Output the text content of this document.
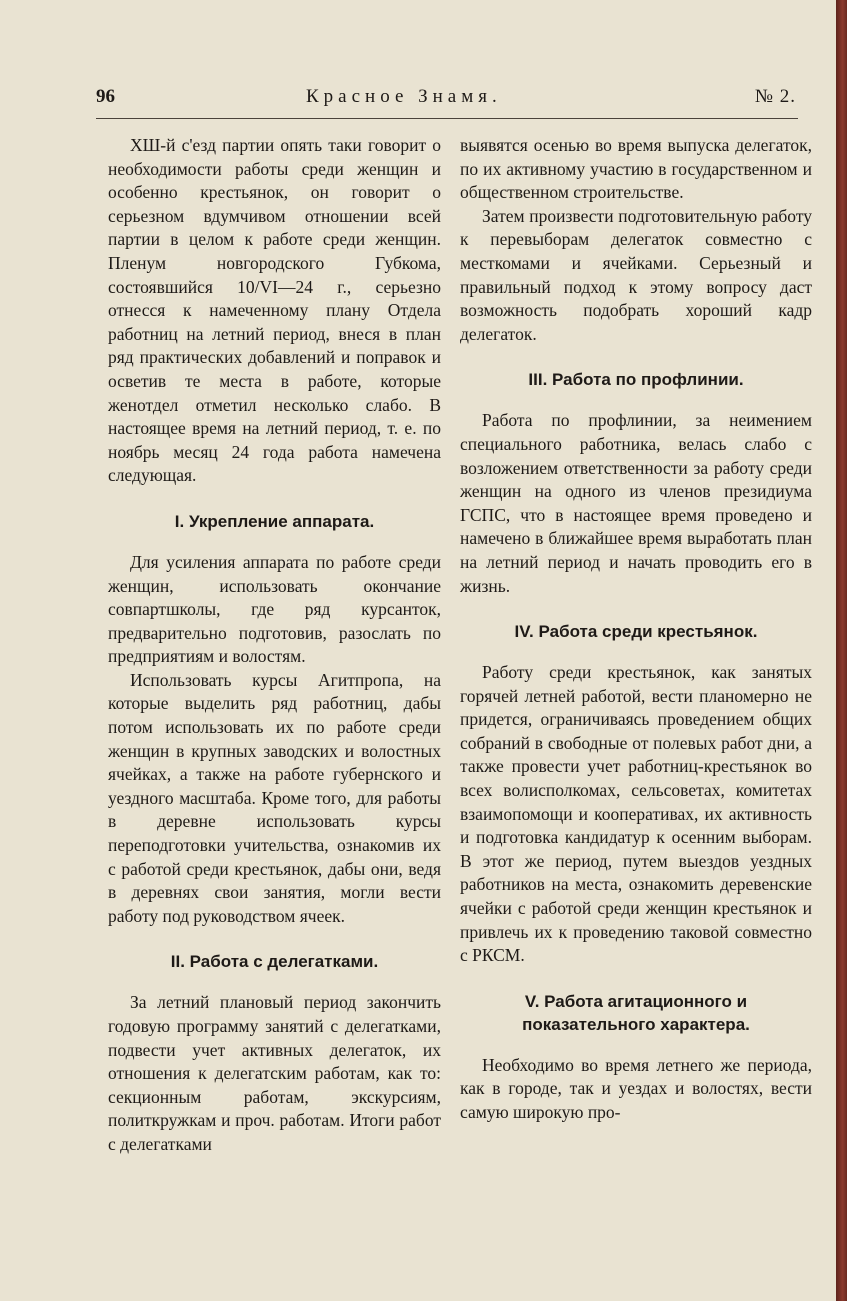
96	Красное Знамя.	№ 2.

ХШ-й с'езд партии опять таки говорит о необходимости работы среди женщин и особенно крестьянок, он говорит о серьезном вдумчивом отношении всей партии в целом к работе среди женщин. Пленум новгородского Губкома, состоявшийся 10/VI—24 г., серьезно отнесся к намеченному плану Отдела работниц на летний период, внеся в план ряд практических добавлений и поправок и осветив те места в работе, которые женотдел отметил несколько слабо. В настоящее время на летний период, т. е. по ноябрь месяц 24 года работа намечена следующая.

I. Укрепление аппарата.

Для усиления аппарата по работе среди женщин, использовать окончание совпартшколы, где ряд курсанток, предварительно подготовив, разослать по предприятиям и волостям.

Использовать курсы Агитпропа, на которые выделить ряд работниц, дабы потом использовать их по работе среди женщин в крупных заводских и волостных ячейках, а также на работе губернского и уездного масштаба. Кроме того, для работы в деревне использовать курсы переподготовки учительства, ознакомив их с работой среди крестьянок, дабы они, ведя в деревнях свои занятия, могли вести работу под руководством ячеек.

II. Работа с делегатками.

За летний плановый период закончить годовую программу занятий с делегатками, подвести учет активных делегаток, их отношения к делегатским работам, как то: секционным работам, экскурсиям, политкружкам и проч. работам. Итоги работ с делегатками

выявятся осенью во время выпуска делегаток, по их активному участию в государственном и общественном строительстве.

Затем произвести подготовительную работу к перевыборам делегаток совместно с месткомами и ячейками. Серьезный и правильный подход к этому вопросу даст возможность подобрать хороший кадр делегаток.

III. Работа по профлинии.

Работа по профлинии, за неимением специального работника, велась слабо с возложением ответственности за работу среди женщин на одного из членов президиума ГСПС, что в настоящее время проведено и намечено в ближайшее время выработать план на летний период и начать проводить его в жизнь.

IV. Работа среди крестьянок.

Работу среди крестьянок, как занятых горячей летней работой, вести планомерно не придется, ограничиваясь проведением общих собраний в свободные от полевых работ дни, а также провести учет работниц-крестьянок во всех волисполкомах, сельсоветах, комитетах взаимопомощи и кооперативах, их активность и подготовка кандидатур к осенним выборам. В этот же период, путем выездов уездных работников на места, ознакомить деревенские ячейки с работой среди женщин крестьянок и привлечь их к проведению таковой совместно с РКСМ.

V. Работа агитационного и показательного характера.

Необходимо во время летнего же периода, как в городе, так и уездах и волостях, вести самую широкую про-
